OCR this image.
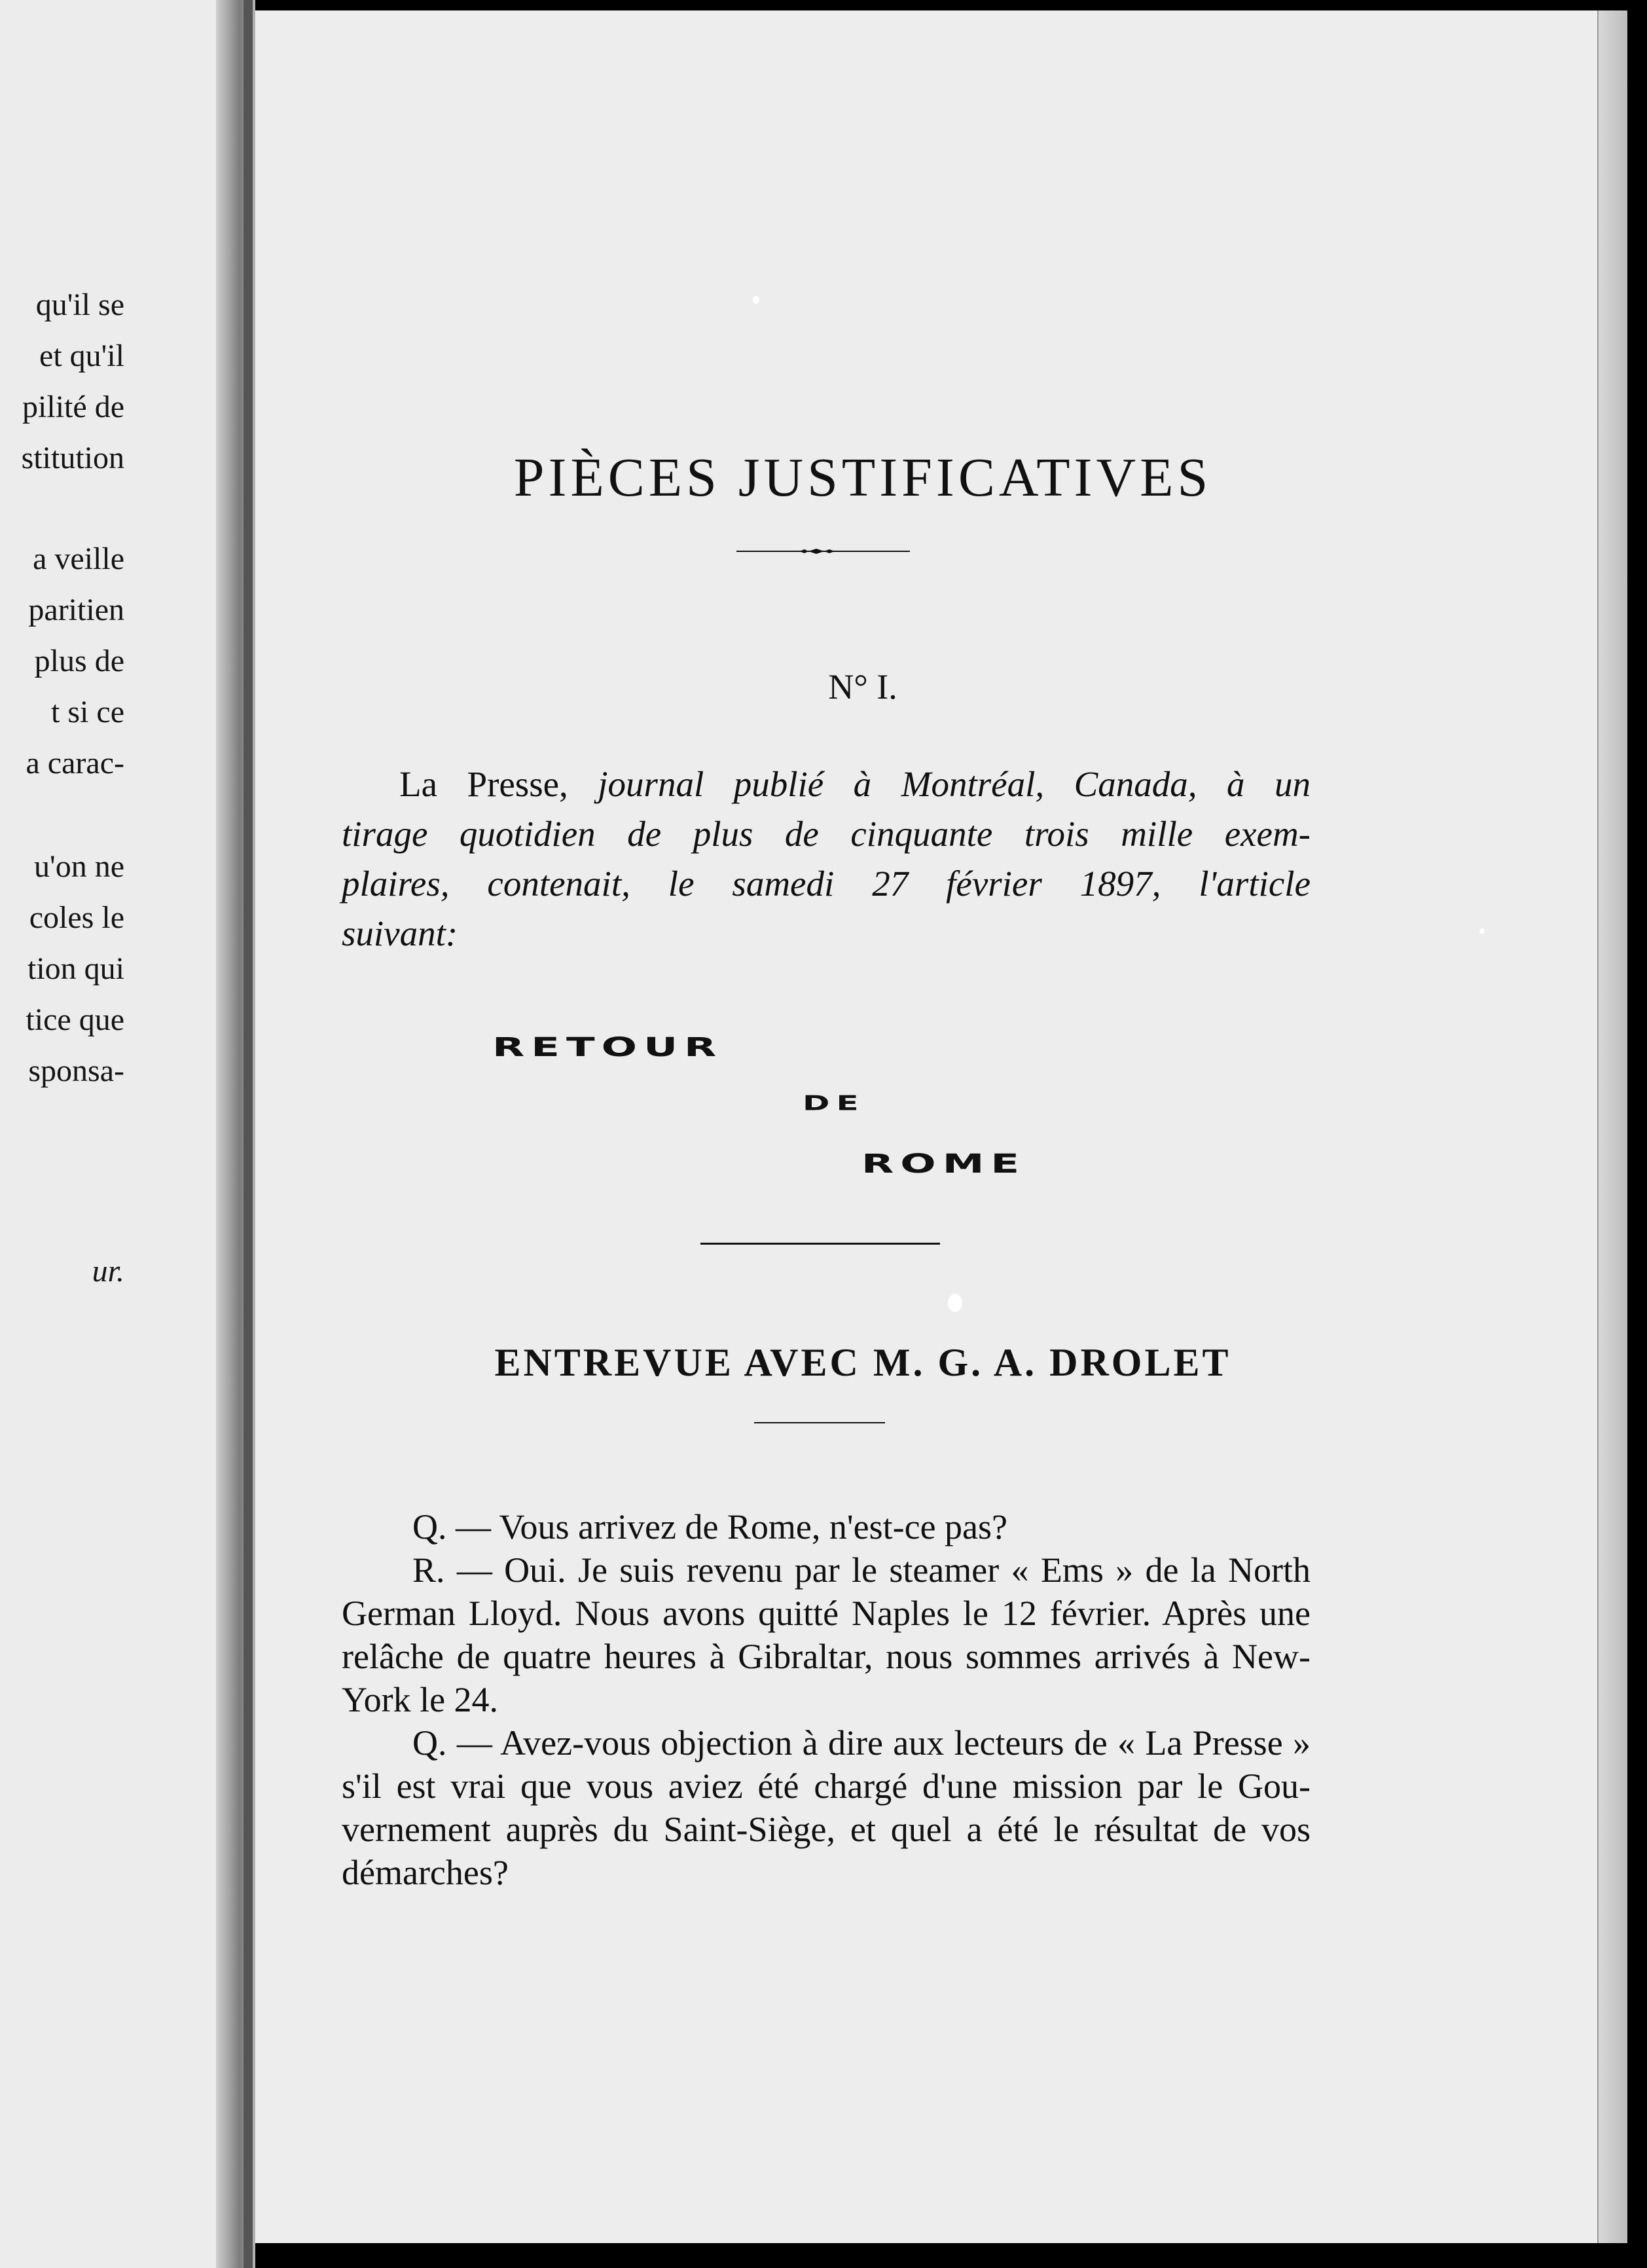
qu'il se
et qu'il
pilité de
stitution
a veille
paritien
plus de
t si ce
a carac-
u'on ne
coles le
tion qui
tice que
sponsa-
ur.
PIÈCES JUSTIFICATIVES
N° I.
La Presse, journal publié à Montréal, Canada, à un
tirage quotidien de plus de cinquante trois mille exem-
plaires, contenait, le samedi 27 février 1897, l'article
suivant:
RETOUR
DE
ROME
ENTREVUE AVEC M. G. A. DROLET
Q. — Vous arrivez de Rome, n'est-ce pas?
R. — Oui. Je suis revenu par le steamer « Ems » de la North
German Lloyd. Nous avons quitté Naples le 12 février. Après une
relâche de quatre heures à Gibraltar, nous sommes arrivés à New-
York le 24.
Q. — Avez-vous objection à dire aux lecteurs de « La Presse »
s'il est vrai que vous aviez été chargé d'une mission par le Gou-
vernement auprès du Saint-Siège, et quel a été le résultat de vos
démarches?
